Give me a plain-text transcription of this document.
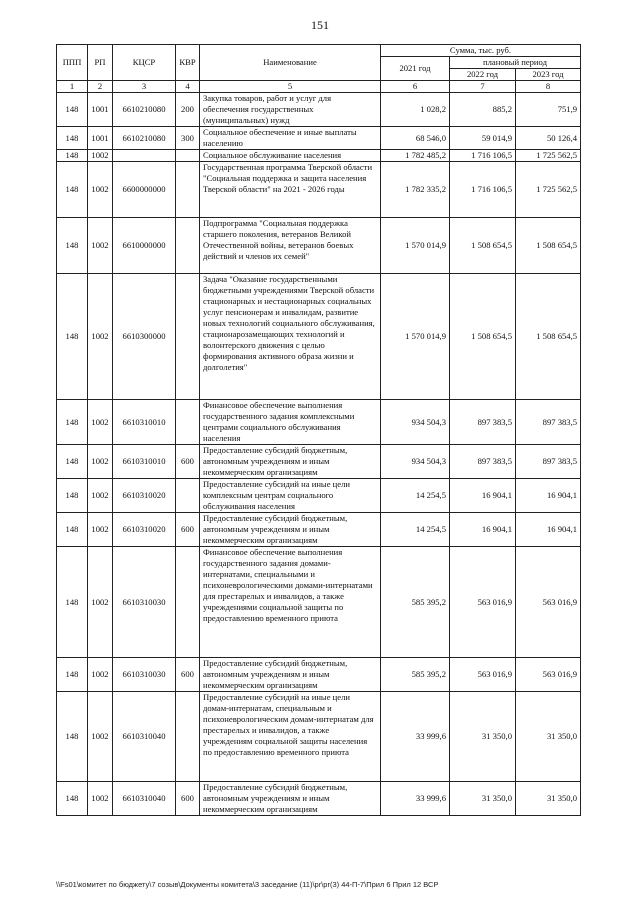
151
ППП	РП	КЦСР	КВР	Наименование	Сумма, тыс. руб.		
					2021 год	плановый период	
						2022 год	2023 год
1	2	3	4	5	6	7	8
148	1001	6610210080	200	Закупка товаров, работ и услуг для обеспечения государственных (муниципальных) нужд	1 028,2	885,2	751,9
148	1001	6610210080	300	Социальное обеспечение и иные выплаты населению	68 546,0	59 014,9	50 126,4
148	1002			Социальное обслуживание населения	1 782 485,2	1 716 106,5	1 725 562,5
148	1002	6600000000		Государственная программа Тверской области "Социальная поддержка и защита населения Тверской области" на 2021 - 2026 годы	1 782 335,2	1 716 106,5	1 725 562,5
148	1002	6610000000		Подпрограмма "Социальная поддержка старшего поколения, ветеранов Великой Отечественной войны, ветеранов боевых действий и членов их семей"	1 570 014,9	1 508 654,5	1 508 654,5
148	1002	6610300000		Задача "Оказание государственными бюджетными учреждениями Тверской области стационарных и нестационарных социальных услуг пенсионерам и инвалидам, развитие новых технологий социального обслуживания, стационарозамещающих технологий и волонтерского движения с целью формирования активного образа жизни и долголетия"	1 570 014,9	1 508 654,5	1 508 654,5
148	1002	6610310010		Финансовое обеспечение выполнения государственного задания комплексными центрами социального обслуживания населения	934 504,3	897 383,5	897 383,5
148	1002	6610310010	600	Предоставление субсидий бюджетным, автономным учреждениям и иным некоммерческим организациям	934 504,3	897 383,5	897 383,5
148	1002	6610310020		Предоставление субсидий на иные цели комплексным центрам социального обслуживания населения	14 254,5	16 904,1	16 904,1
148	1002	6610310020	600	Предоставление субсидий бюджетным, автономным учреждениям и иным некоммерческим организациям	14 254,5	16 904,1	16 904,1
148	1002	6610310030		Финансовое обеспечение выполнения государственного задания домами-интернатами, специальными и психоневрологическими домами-интернатами для престарелых и инвалидов, а также учреждениями социальной защиты по предоставлению временного приюта	585 395,2	563 016,9	563 016,9
148	1002	6610310030	600	Предоставление субсидий бюджетным, автономным учреждениям и иным некоммерческим организациям	585 395,2	563 016,9	563 016,9
148	1002	6610310040		Предоставление субсидий на иные цели домам-интернатам, специальным и психоневрологическим домам-интернатам для престарелых и инвалидов, а также учреждениям социальной защиты населения по предоставлению временного приюта	33 999,6	31 350,0	31 350,0
148	1002	6610310040	600	Предоставление субсидий бюджетным, автономным учреждениям и иным некоммерческим организациям	33 999,6	31 350,0	31 350,0
\\Fs01\комитет по бюджету\7 созыв\Документы комитета\3 заседание (11)\pr\pr(3) 44-П-7\Прил 6 Прил 12 ВСР
